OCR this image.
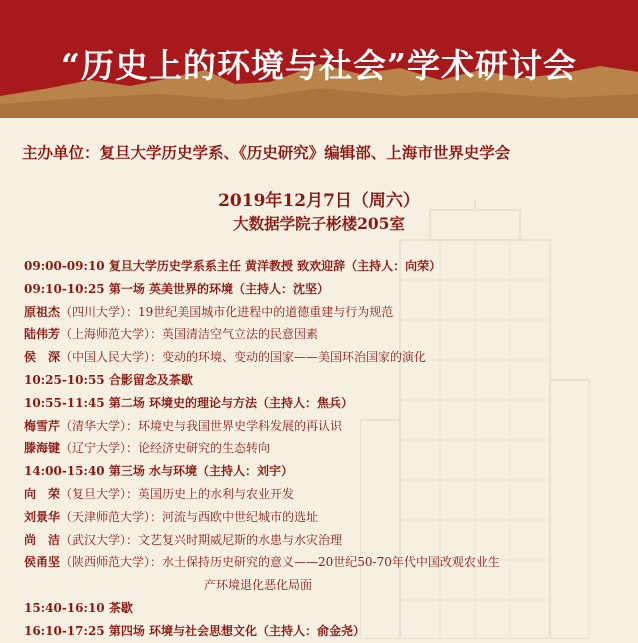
“历史上的环境与社会”学术研讨会
主办单位：复旦大学历史学系、《历史研究》编辑部、上海市世界史学会
2019年12月7日（周六）
大数据学院子彬楼205室
09:00-09:10 复旦大学历史学系系主任 黄洋教授 致欢迎辞（主持人：向荣）
09:10-10:25 第一场 英美世界的环境（主持人：沈坚）
原祖杰（四川大学）：19世纪美国城市化进程中的道德重建与行为规范
陆伟芳（上海师范大学）：英国清洁空气立法的民意因素
侯　深（中国人民大学）：变动的环境、变动的国家——美国环治国家的演化
10:25-10:55 合影留念及茶歇
10:55-11:45 第二场 环境史的理论与方法（主持人：焦兵）
梅雪芹（清华大学）：环境史与我国世界史学科发展的再认识
滕海键（辽宁大学）：论经济史研究的生态转向
14:00-15:40 第三场 水与环境（主持人：刘宇）
向　荣（复旦大学）：英国历史上的水利与农业开发
刘景华（天津师范大学）：河流与西欧中世纪城市的选址
尚　洁（武汉大学）：文艺复兴时期威尼斯的水患与水灾治理
侯甬坚（陕西师范大学）：水土保持历史研究的意义——20世纪50-70年代中国改观农业生
产环境退化恶化局面
15:40-16:10 茶歇
16:10-17:25 第四场 环境与社会思想文化（主持人：俞金尧）
